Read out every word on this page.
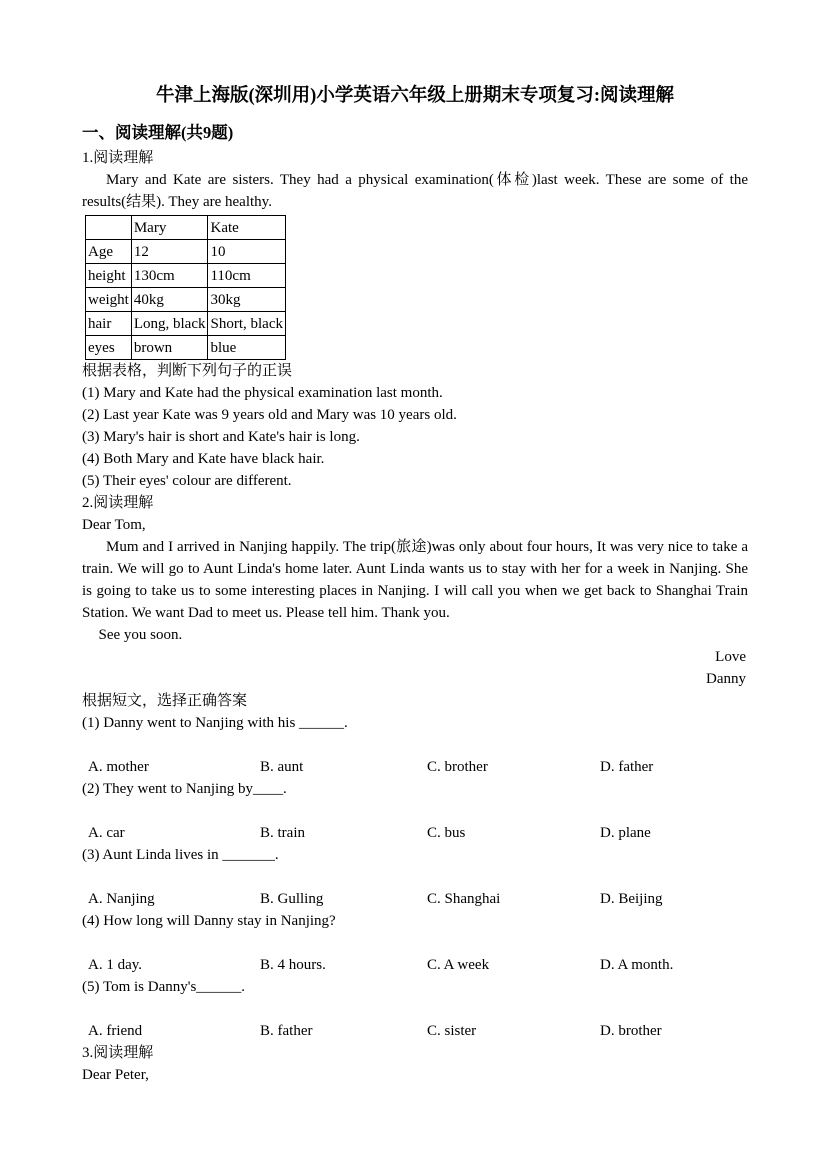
牛津上海版(深圳用)小学英语六年级上册期末专项复习:阅读理解
一、阅读理解(共9题)

1.阅读理解

Mary and Kate are sisters. They had a physical examination(体检)last week. These are some of the results(结果). They are healthy.

	Mary	Kate
Age	12	10
height	130cm	110cm
weight	40kg	30kg
hair	Long, black	Short, black
eyes	brown	blue

根据表格，判断下列句子的正误

(1) Mary and Kate had the physical examination last month.

(2) Last year Kate was 9 years old and Mary was 10 years old.

(3) Mary's hair is short and Kate's hair is long.

(4) Both Mary and Kate have black hair.

(5) Their eyes' colour are different.

2.阅读理解

Dear Tom,

Mum and I arrived in Nanjing happily. The trip(旅途)was only about four hours, It was very nice to take a train. We will go to Aunt Linda's home later. Aunt Linda wants us to stay with her for a week in Nanjing. She is going to take us to some interesting places in Nanjing. I will call you when we get back to Shanghai Train Station. We want Dad to meet us. Please tell him. Thank you.

See you soon.

Love

Danny

根据短文，选择正确答案

(1) Danny went to Nanjing with his ______.

A. mother	B. aunt	C. brother	D. father

(2) They went to Nanjing by____.

A. car	B. train	C. bus	D. plane

(3) Aunt Linda lives in _______.

A. Nanjing	B. Gulling	C. Shanghai	D. Beijing

(4) How long will Danny stay in Nanjing?

A. 1 day.	B. 4 hours.	C. A week	D. A month.

(5) Tom is Danny's______.

A. friend	B. father	C. sister	D. brother

3.阅读理解

Dear Peter,
